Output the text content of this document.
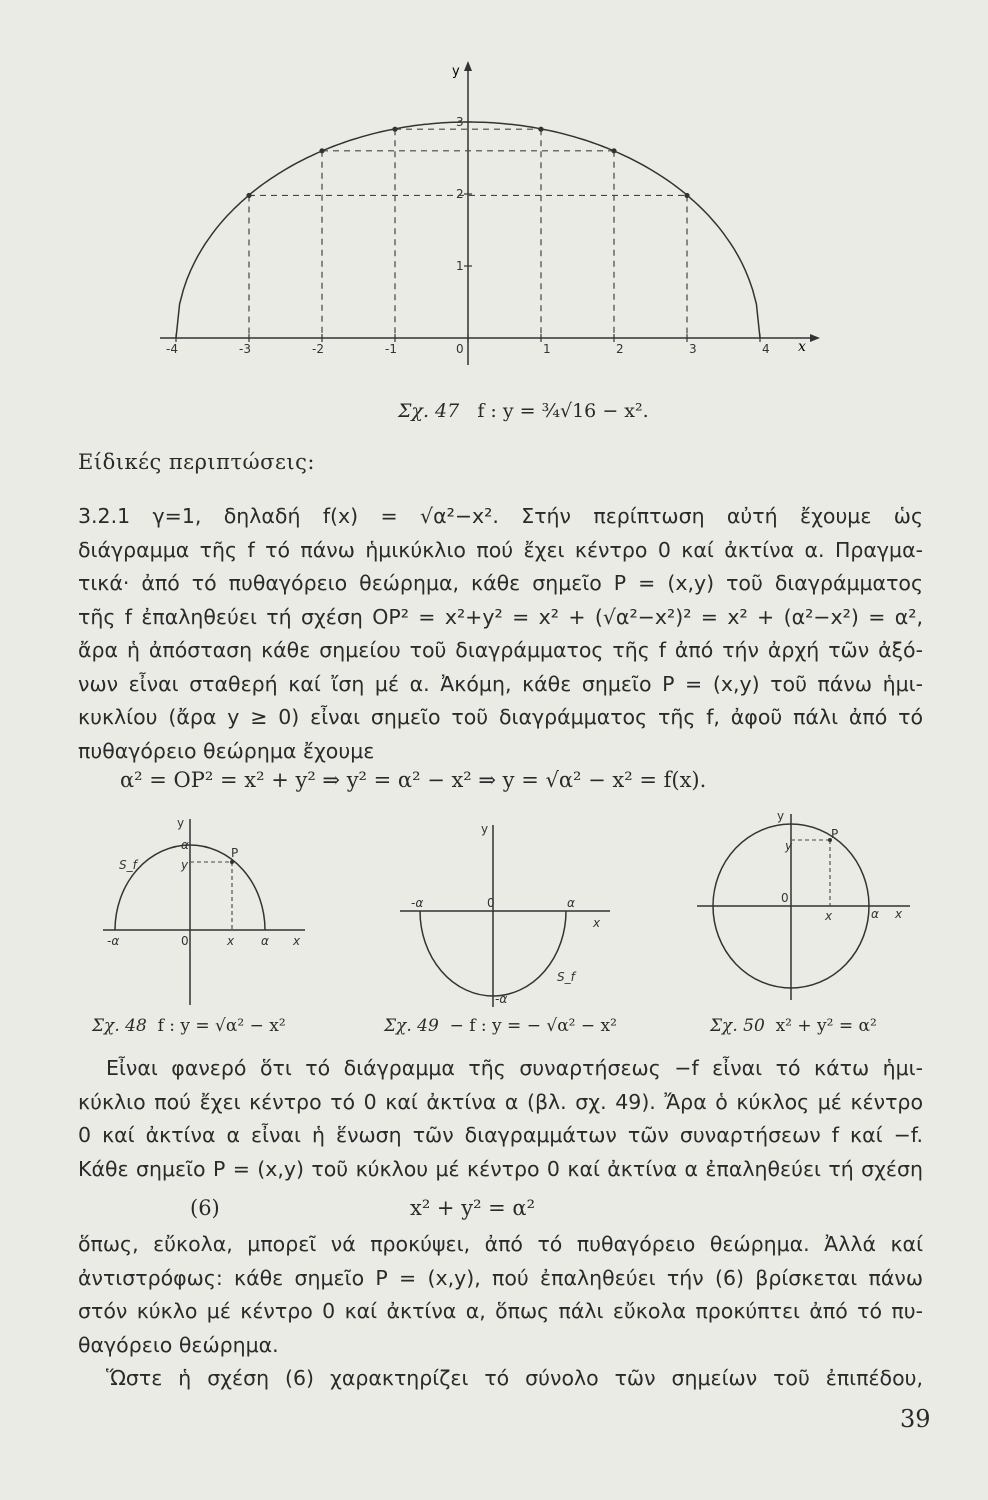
y
x
-4	-3	-2	-1	0	1	2	3	4
1
2
3
Σχ. 47 f : y = ¾√16 − x².
Είδικές περιπτώσεις:
3.2.1 γ=1, δηλαδή f(x) = √α²−x². Στήν περίπτωση αὐτή ἔχουμε ὡς
διάγραμμα τῆς f τό πάνω ἡμικύκλιο πού ἔχει κέντρο 0 καί ἀκτίνα α. Πραγμα-
τικά· ἀπό τό πυθαγόρειο θεώρημα, κάθε σημεῖο P = (x,y) τοῦ διαγράμματος
τῆς f ἐπαληθεύει τή σχέση OP² = x²+y² = x² + (√α²−x²)² = x² + (α²−x²) = α²,
ἄρα ἡ ἀπόσταση κάθε σημείου τοῦ διαγράμματος τῆς f ἀπό τήν ἀρχή τῶν ἀξό-
νων εἶναι σταθερή καί ἴση μέ α. Ἀκόμη, κάθε σημεῖο P = (x,y) τοῦ πάνω ἡμι-
κυκλίου (ἄρα y ≥ 0) εἶναι σημεῖο τοῦ διαγράμματος τῆς f, ἀφοῦ πάλι ἀπό τό
πυθαγόρειο θεώρημα ἔχουμε
α² = OP² = x² + y² ⇒ y² = α² − x² ⇒ y = √α² − x² = f(x).
y
α
P
y
S_f
-α	0	x α x
y
-α	0	α
x
S_f
-α
y
P
y
0
x	α x
Σχ. 48 f : y = √α² − x²	Σχ. 49 − f : y = − √α² − x²	Σχ. 50 x² + y² = α²
Εἶναι φανερό ὅτι τό διάγραμμα τῆς συναρτήσεως −f εἶναι τό κάτω ἡμι-
κύκλιο πού ἔχει κέντρο τό 0 καί ἀκτίνα α (βλ. σχ. 49). Ἄρα ὁ κύκλος μέ κέντρο
0 καί ἀκτίνα α εἶναι ἡ ἕνωση τῶν διαγραμμάτων τῶν συναρτήσεων f καί −f.
Κάθε σημεῖο P = (x,y) τοῦ κύκλου μέ κέντρο 0 καί ἀκτίνα α ἐπαληθεύει τή σχέση
(6)	x² + y² = α²
ὅπως, εὔκολα, μπορεῖ νά προκύψει, ἀπό τό πυθαγόρειο θεώρημα. Ἀλλά καί
ἀντιστρόφως: κάθε σημεῖο P = (x,y), πού ἐπαληθεύει τήν (6) βρίσκεται πάνω
στόν κύκλο μέ κέντρο 0 καί ἀκτίνα α, ὅπως πάλι εὔκολα προκύπτει ἀπό τό πυ-
θαγόρειο θεώρημα.
Ὥστε ἡ σχέση (6) χαρακτηρίζει τό σύνολο τῶν σημείων τοῦ ἐπιπέδου,
39
